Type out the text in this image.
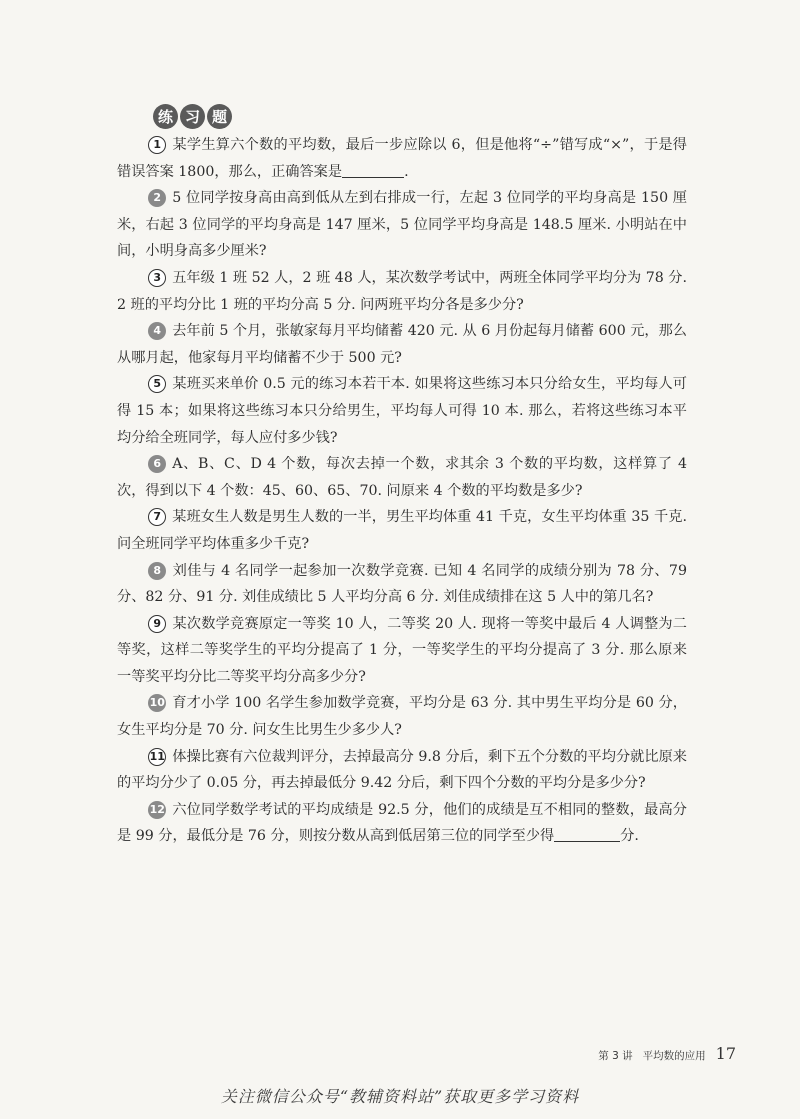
练 习 题

1 某学生算六个数的平均数，最后一步应除以 6，但是他将“÷”错写成“×”，于是得错误答案 1800，那么，正确答案是	.

2 5 位同学按身高由高到低从左到右排成一行，左起 3 位同学的平均身高是 150 厘米，右起 3 位同学的平均身高是 147 厘米，5 位同学平均身高是 148.5 厘米. 小明站在中间，小明身高多少厘米?

3 五年级 1 班 52 人，2 班 48 人，某次数学考试中，两班全体同学平均分为 78 分. 2 班的平均分比 1 班的平均分高 5 分. 问两班平均分各是多少分?

4 去年前 5 个月，张敏家每月平均储蓄 420 元. 从 6 月份起每月储蓄 600 元，那么从哪月起，他家每月平均储蓄不少于 500 元?

5 某班买来单价 0.5 元的练习本若干本. 如果将这些练习本只分给女生，平均每人可得 15 本；如果将这些练习本只分给男生，平均每人可得 10 本. 那么，若将这些练习本平均分给全班同学，每人应付多少钱?

6 A、B、C、D 4 个数，每次去掉一个数，求其余 3 个数的平均数，这样算了 4 次，得到以下 4 个数：45、60、65、70. 问原来 4 个数的平均数是多少?

7 某班女生人数是男生人数的一半，男生平均体重 41 千克，女生平均体重 35 千克. 问全班同学平均体重多少千克?

8 刘佳与 4 名同学一起参加一次数学竞赛. 已知 4 名同学的成绩分别为 78 分、79 分、82 分、91 分. 刘佳成绩比 5 人平均分高 6 分. 刘佳成绩排在这 5 人中的第几名?

9 某次数学竞赛原定一等奖 10 人，二等奖 20 人. 现将一等奖中最后 4 人调整为二等奖，这样二等奖学生的平均分提高了 1 分，一等奖学生的平均分提高了 3 分. 那么原来一等奖平均分比二等奖平均分高多少分?

10 育才小学 100 名学生参加数学竞赛，平均分是 63 分. 其中男生平均分是 60 分，女生平均分是 70 分. 问女生比男生少多少人?

11 体操比赛有六位裁判评分，去掉最高分 9.8 分后，剩下五个分数的平均分就比原来的平均分少了 0.05 分，再去掉最低分 9.42 分后，剩下四个分数的平均分是多少分?

12 六位同学数学考试的平均成绩是 92.5 分，他们的成绩是互不相同的整数，最高分是 99 分，最低分是 76 分，则按分数从高到低居第三位的同学至少得	分.

第 3 讲 平均数的应用 17
关注微信公众号“教辅资料站”获取更多学习资料
